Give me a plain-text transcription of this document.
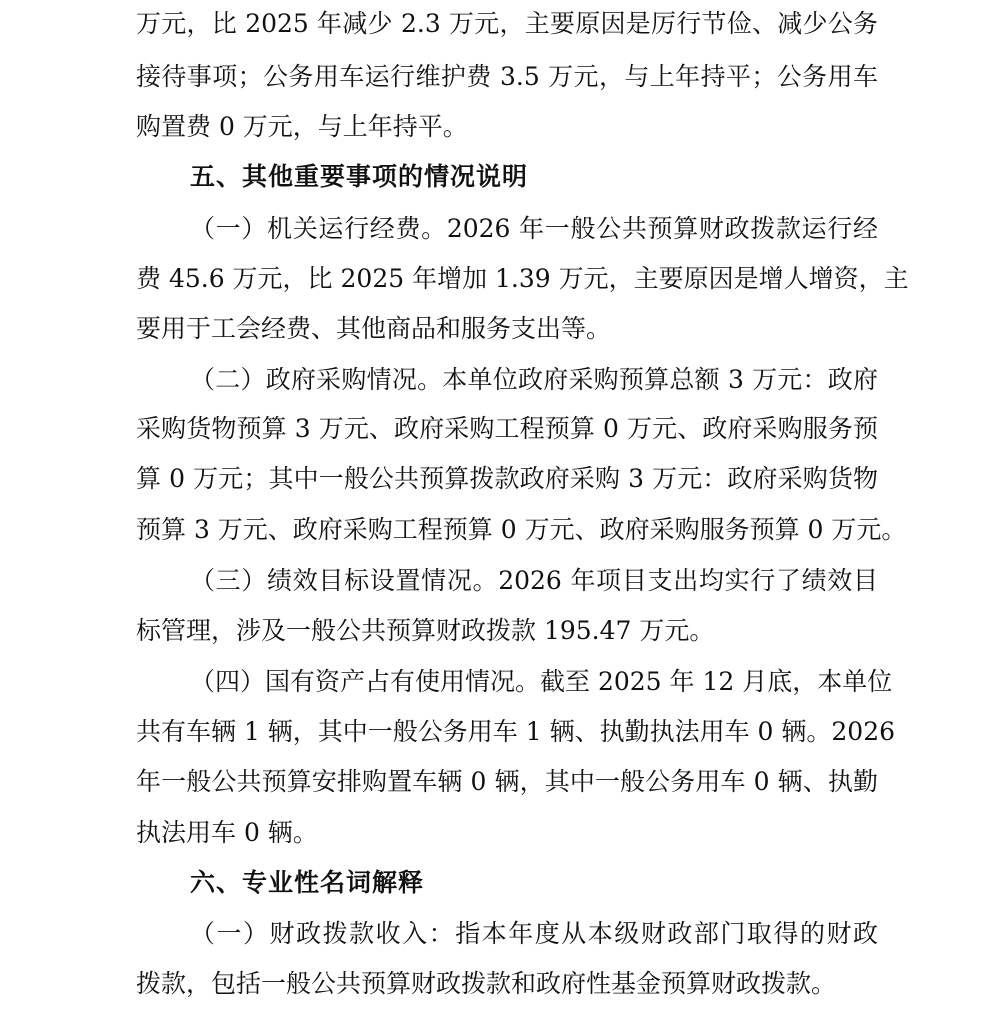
万元，比 2025 年减少 2.3 万元，主要原因是厉行节俭、减少公务
接待事项；公务用车运行维护费 3.5 万元，与上年持平；公务用车
购置费 0 万元，与上年持平。
五、其他重要事项的情况说明
（一）机关运行经费。2026 年一般公共预算财政拨款运行经
费 45.6 万元，比 2025 年增加 1.39 万元，主要原因是增人增资，主
要用于工会经费、其他商品和服务支出等。
（二）政府采购情况。本单位政府采购预算总额 3 万元：政府
采购货物预算 3 万元、政府采购工程预算 0 万元、政府采购服务预
算 0 万元；其中一般公共预算拨款政府采购 3 万元：政府采购货物
预算 3 万元、政府采购工程预算 0 万元、政府采购服务预算 0 万元。
（三）绩效目标设置情况。2026 年项目支出均实行了绩效目
标管理，涉及一般公共预算财政拨款 195.47 万元。
（四）国有资产占有使用情况。截至 2025 年 12 月底，本单位
共有车辆 1 辆，其中一般公务用车 1 辆、执勤执法用车 0 辆。2026
年一般公共预算安排购置车辆 0 辆，其中一般公务用车 0 辆、执勤
执法用车 0 辆。
六、专业性名词解释
（一）财政拨款收入：指本年度从本级财政部门取得的财政
拨款，包括一般公共预算财政拨款和政府性基金预算财政拨款。
